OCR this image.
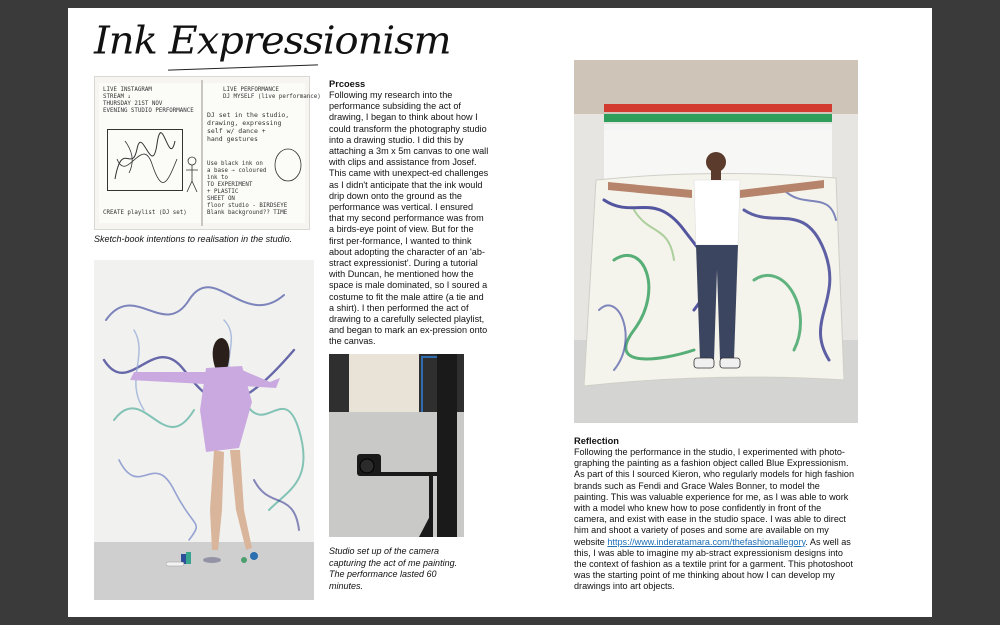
Ink Expressionism
LIVE INSTAGRAM
STREAM ↓
THURSDAY 21ST NOV
EVENING STUDIO PERFORMANCE
CREATE playlist (DJ set)
LIVE PERFORMANCE
DJ MYSELF (live performance)
DJ set in the studio,
drawing, expressing
self w/ dance +
hand gestures
Use black ink on
a base → coloured
ink to
TO EXPERIMENT
+ PLASTIC
SHEET ON
floor studio - BIRDSEYE
Blank background?? TIME
Sketch-book intentions to realisation in the studio.
Prcoess
Following my research into the performance subsiding the act of drawing, I began to think about how I could transform the photography studio into a drawing studio. I did this by attaching a 3m x 5m canvas to one wall with clips and assistance from Josef. This came with unexpect-ed challenges as I didn't anticipate that the ink would drip down onto the ground as the performance was vertical. I ensured that my second performance was from a birds-eye point of view. But for the first per-formance, I wanted to think about adopting the character of an 'ab-stract expressionist'. During a tutorial with Duncan, he mentioned how the space is male dominated, so I soured a costume to fit the male attire (a tie and a shirt). I then performed the act of drawing to a carefully selected playlist, and began to mark an ex-pression onto the canvas.
Studio set up of the camera capturing the act of me painting. The performance lasted 60 minutes.
Reflection
Following the performance in the studio, I experimented with photo-graphing the painting as a fashion object called Blue Expressionism. As part of this I sourced Kieron, who regularly models for high fashion brands such as Fendi and Grace Wales Bonner, to model the painting. This was valuable experience for me, as I was able to work with a model who knew how to pose confidently in front of the camera, and exist with ease in the studio space. I was able to direct him and shoot a variety of poses and some are available on my website https://www.inderatamara.com/thefashionallegory. As well as this, I was able to imagine my ab-stract expressionism designs into the context of fashion as a textile print for a garment. This photoshoot was the starting point of me thinking about how I can develop my drawings into art objects.
